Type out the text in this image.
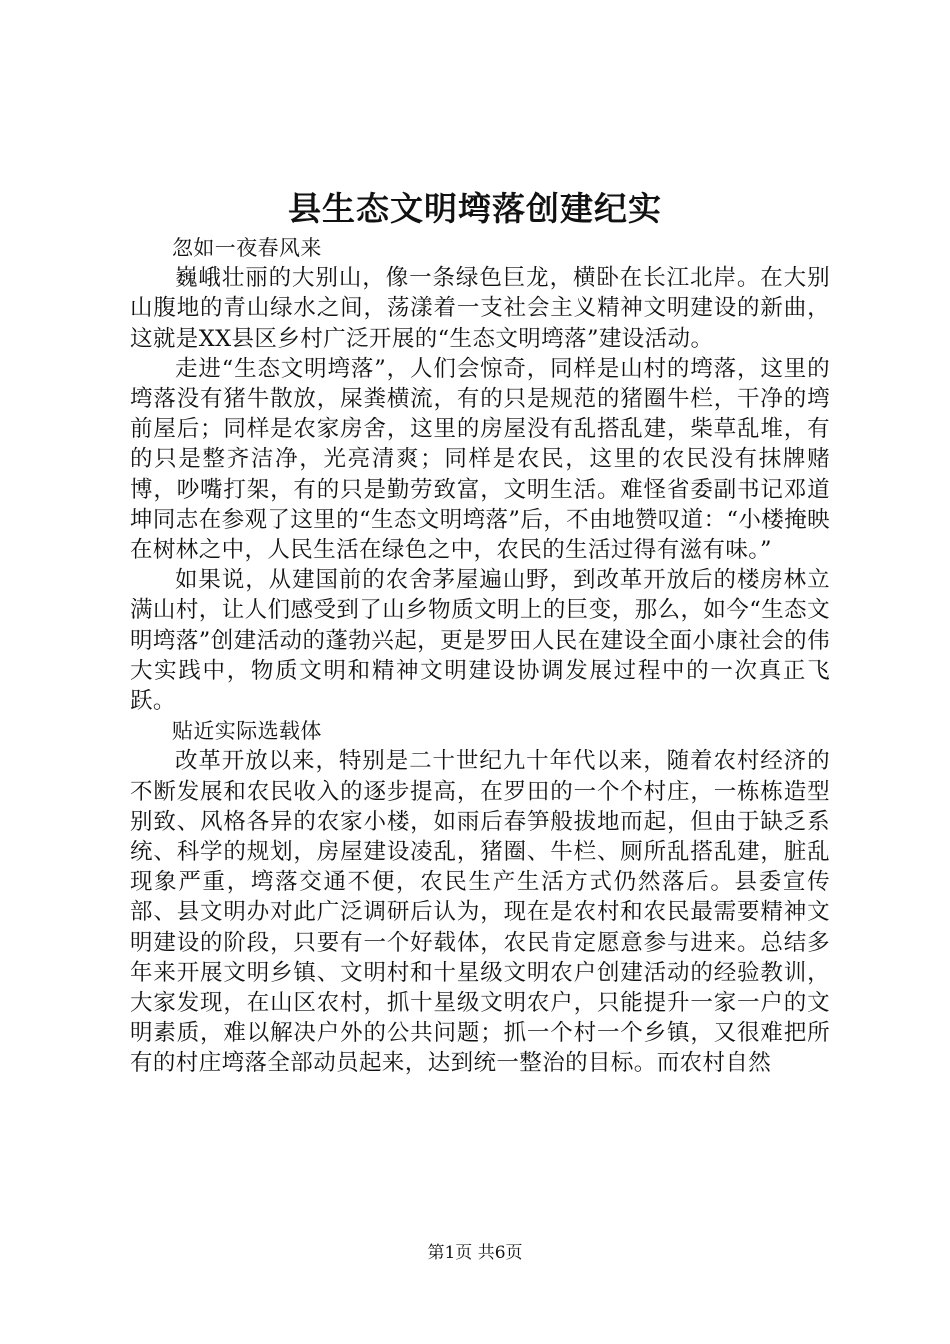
县生态文明塆落创建纪实

忽如一夜春风来

巍峨壮丽的大别山，像一条绿色巨龙，横卧在长江北岸。在大别山腹地的青山绿水之间，荡漾着一支社会主义精神文明建设的新曲，这就是XX县区乡村广泛开展的“生态文明塆落”建设活动。

走进“生态文明塆落”，人们会惊奇，同样是山村的塆落，这里的塆落没有猪牛散放，屎粪横流，有的只是规范的猪圈牛栏，干净的塆前屋后；同样是农家房舍，这里的房屋没有乱搭乱建，柴草乱堆，有的只是整齐洁净，光亮清爽；同样是农民，这里的农民没有抹牌赌博，吵嘴打架，有的只是勤劳致富，文明生活。难怪省委副书记邓道坤同志在参观了这里的“生态文明塆落”后，不由地赞叹道：“小楼掩映在树林之中，人民生活在绿色之中，农民的生活过得有滋有味。”

如果说，从建国前的农舍茅屋遍山野，到改革开放后的楼房林立满山村，让人们感受到了山乡物质文明上的巨变，那么，如今“生态文明塆落”创建活动的蓬勃兴起，更是罗田人民在建设全面小康社会的伟大实践中，物质文明和精神文明建设协调发展过程中的一次真正飞跃。

贴近实际选载体

改革开放以来，特别是二十世纪九十年代以来，随着农村经济的不断发展和农民收入的逐步提高，在罗田的一个个村庄，一栋栋造型别致、风格各异的农家小楼，如雨后春笋般拔地而起，但由于缺乏系统、科学的规划，房屋建设凌乱，猪圈、牛栏、厕所乱搭乱建，脏乱现象严重，塆落交通不便，农民生产生活方式仍然落后。县委宣传部、县文明办对此广泛调研后认为，现在是农村和农民最需要精神文明建设的阶段，只要有一个好载体，农民肯定愿意参与进来。总结多年来开展文明乡镇、文明村和十星级文明农户创建活动的经验教训，大家发现，在山区农村，抓十星级文明农户，只能提升一家一户的文明素质，难以解决户外的公共问题；抓一个村一个乡镇，又很难把所有的村庄塆落全部动员起来，达到统一整治的目标。而农村自然

第1页 共6页
